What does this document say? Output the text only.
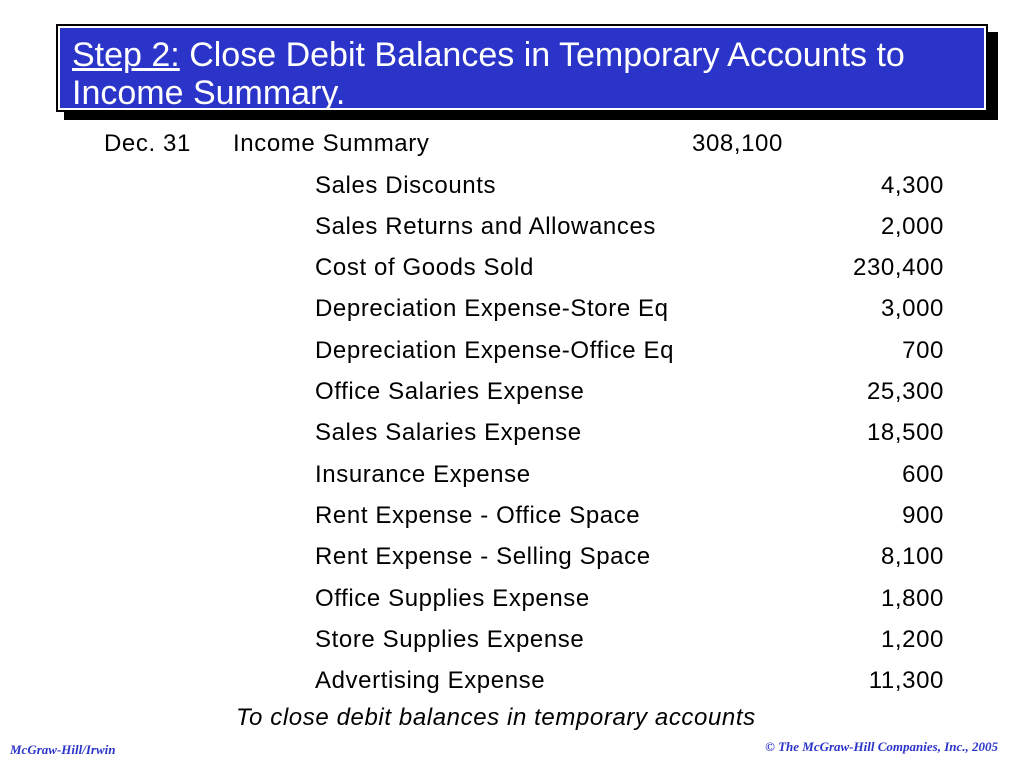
Step 2: Close Debit Balances in Temporary Accounts to Income Summary.
Dec. 31 Income Summary	308,100
Sales Discounts	4,300
Sales Returns and Allowances	2,000
Cost of Goods Sold	230,400
Depreciation Expense-Store Eq	3,000
Depreciation Expense-Office Eq	700
Office Salaries Expense	25,300
Sales Salaries Expense	18,500
Insurance Expense	600
Rent Expense - Office Space	900
Rent Expense - Selling Space	8,100
Office Supplies Expense	1,800
Store Supplies Expense	1,200
Advertising Expense	11,300
To close debit balances in temporary accounts
McGraw-Hill/Irwin	© The McGraw-Hill Companies, Inc., 2005
